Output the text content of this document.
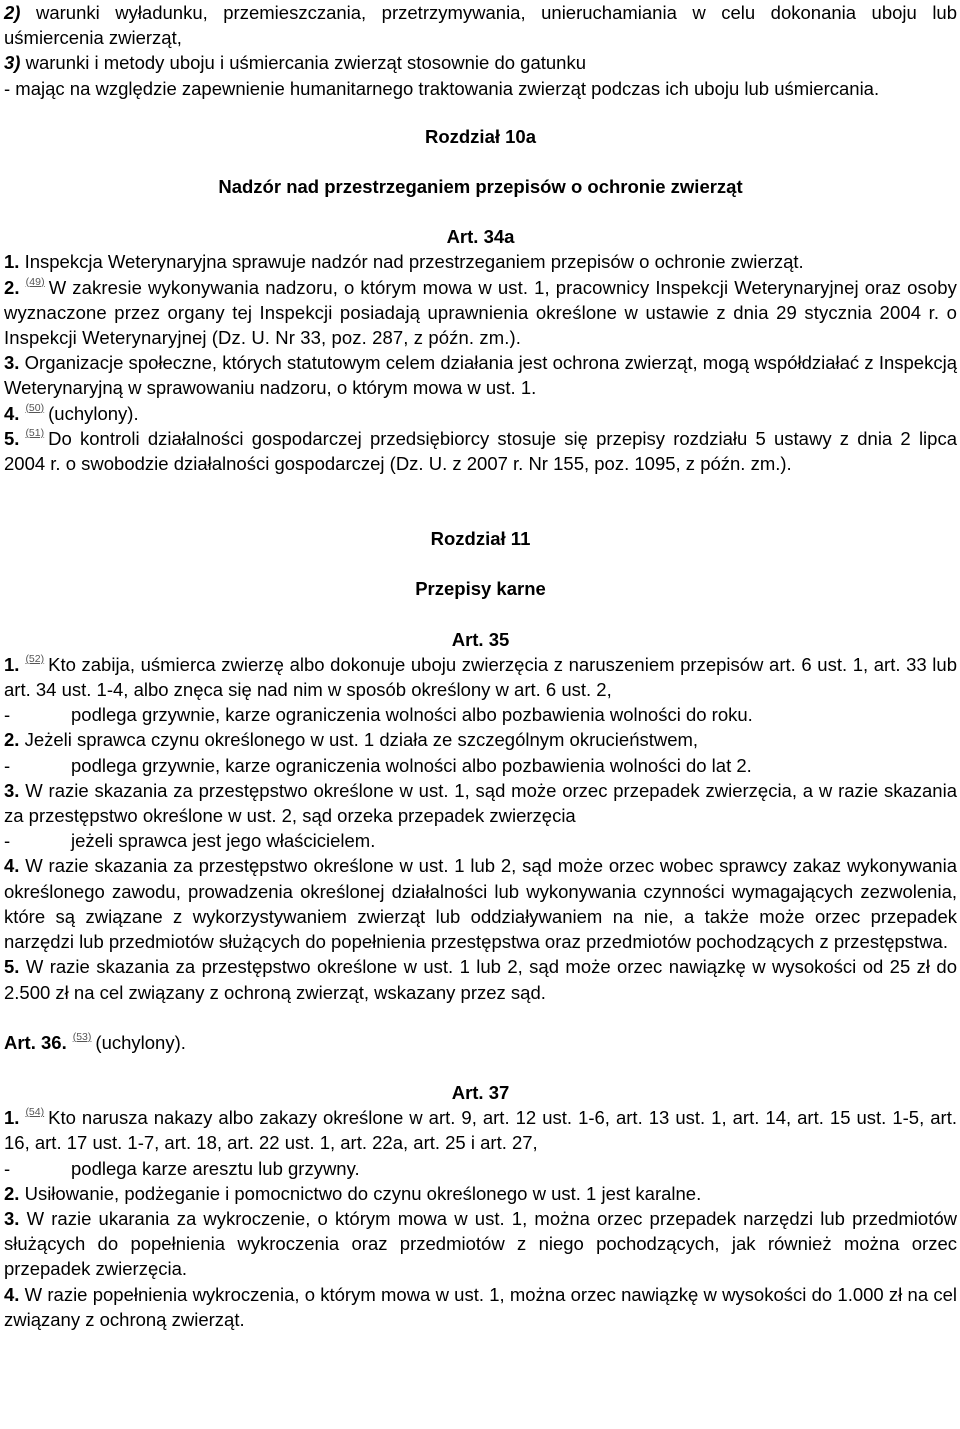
2) warunki wyładunku, przemieszczania, przetrzymywania, unieruchamiania w celu dokonania uboju lub uśmiercenia zwierząt,

3) warunki i metody uboju i uśmiercania zwierząt stosownie do gatunku

- mając na względzie zapewnienie humanitarnego traktowania zwierząt podczas ich uboju lub uśmiercania.

Rozdział 10a

Nadzór nad przestrzeganiem przepisów o ochronie zwierząt

Art. 34a

1. Inspekcja Weterynaryjna sprawuje nadzór nad przestrzeganiem przepisów o ochronie zwierząt.

2. (49) W zakresie wykonywania nadzoru, o którym mowa w ust. 1, pracownicy Inspekcji Weterynaryjnej oraz osoby wyznaczone przez organy tej Inspekcji posiadają uprawnienia określone w ustawie z dnia 29 stycznia 2004 r. o Inspekcji Weterynaryjnej (Dz. U. Nr 33, poz. 287, z późn. zm.).

3. Organizacje społeczne, których statutowym celem działania jest ochrona zwierząt, mogą współdziałać z Inspekcją Weterynaryjną w sprawowaniu nadzoru, o którym mowa w ust. 1.

4. (50) (uchylony).

5. (51) Do kontroli działalności gospodarczej przedsiębiorcy stosuje się przepisy rozdziału 5 ustawy z dnia 2 lipca 2004 r. o swobodzie działalności gospodarczej (Dz. U. z 2007 r. Nr 155, poz. 1095, z późn. zm.).

Rozdział 11

Przepisy karne

Art. 35

1. (52) Kto zabija, uśmierca zwierzę albo dokonuje uboju zwierzęcia z naruszeniem przepisów art. 6 ust. 1, art. 33 lub art. 34 ust. 1-4, albo znęca się nad nim w sposób określony w art. 6 ust. 2,

-	podlega grzywnie, karze ograniczenia wolności albo pozbawienia wolności do roku.

2. Jeżeli sprawca czynu określonego w ust. 1 działa ze szczególnym okrucieństwem,

-	podlega grzywnie, karze ograniczenia wolności albo pozbawienia wolności do lat 2.

3. W razie skazania za przestępstwo określone w ust. 1, sąd może orzec przepadek zwierzęcia, a w razie skazania za przestępstwo określone w ust. 2, sąd orzeka przepadek zwierzęcia

-	jeżeli sprawca jest jego właścicielem.

4. W razie skazania za przestępstwo określone w ust. 1 lub 2, sąd może orzec wobec sprawcy zakaz wykonywania określonego zawodu, prowadzenia określonej działalności lub wykonywania czynności wymagających zezwolenia, które są związane z wykorzystywaniem zwierząt lub oddziaływaniem na nie, a także może orzec przepadek narzędzi lub przedmiotów służących do popełnienia przestępstwa oraz przedmiotów pochodzących z przestępstwa.

5. W razie skazania za przestępstwo określone w ust. 1 lub 2, sąd może orzec nawiązkę w wysokości od 25 zł do 2.500 zł na cel związany z ochroną zwierząt, wskazany przez sąd.

Art. 36. (53) (uchylony).

Art. 37

1. (54) Kto narusza nakazy albo zakazy określone w art. 9, art. 12 ust. 1-6, art. 13 ust. 1, art. 14, art. 15 ust. 1-5, art. 16, art. 17 ust. 1-7, art. 18, art. 22 ust. 1, art. 22a, art. 25 i art. 27,

-	podlega karze aresztu lub grzywny.

2. Usiłowanie, podżeganie i pomocnictwo do czynu określonego w ust. 1 jest karalne.

3. W razie ukarania za wykroczenie, o którym mowa w ust. 1, można orzec przepadek narzędzi lub przedmiotów służących do popełnienia wykroczenia oraz przedmiotów z niego pochodzących, jak również można orzec przepadek zwierzęcia.

4. W razie popełnienia wykroczenia, o którym mowa w ust. 1, można orzec nawiązkę w wysokości do 1.000 zł na cel związany z ochroną zwierząt.
